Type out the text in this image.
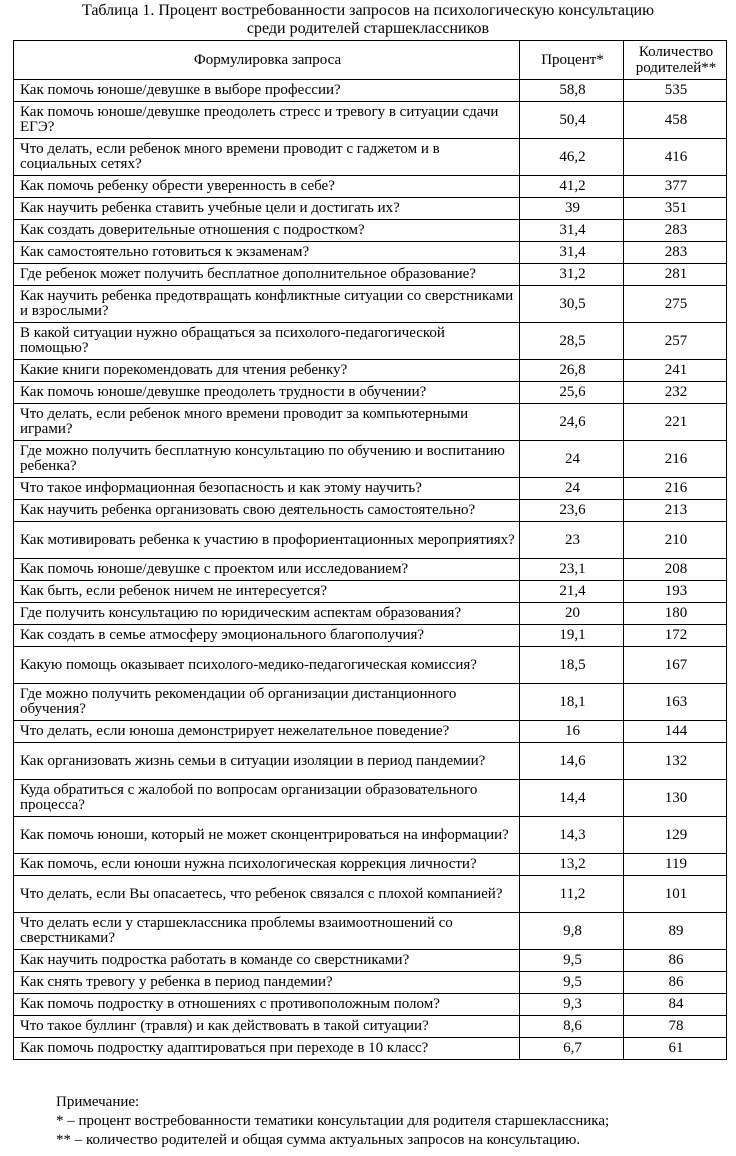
Таблица 1. Процент востребованности запросов на психологическую консультацию
среди родителей старшеклассников
Формулировка запроса	Процент*	Количество
родителей**
Как помочь юноше/девушке в выборе профессии?	58,8	535
Как помочь юноше/девушке преодолеть стресс и тревогу в ситуации сдачи ЕГЭ?	50,4	458
Что делать, если ребенок много времени проводит с гаджетом и в социальных сетях?	46,2	416
Как помочь ребенку обрести уверенность в себе?	41,2	377
Как научить ребенка ставить учебные цели и достигать их?	39	351
Как создать доверительные отношения с подростком?	31,4	283
Как самостоятельно готовиться к экзаменам?	31,4	283
Где ребенок может получить бесплатное дополнительное образование?	31,2	281
Как научить ребенка предотвращать конфликтные ситуации со сверстниками и взрослыми?	30,5	275
В какой ситуации нужно обращаться за психолого-педагогической помощью?	28,5	257
Какие книги порекомендовать для чтения ребенку?	26,8	241
Как помочь юноше/девушке преодолеть трудности в обучении?	25,6	232
Что делать, если ребенок много времени проводит за компьютерными играми?	24,6	221
Где можно получить бесплатную консультацию по обучению и воспитанию ребенка?	24	216
Что такое информационная безопасность и как этому научить?	24	216
Как научить ребенка организовать свою деятельность самостоятельно?	23,6	213
Как мотивировать ребенка к участию в профориентационных мероприятиях?	23	210
Как помочь юноше/девушке с проектом или исследованием?	23,1	208
Как быть, если ребенок ничем не интересуется?	21,4	193
Где получить консультацию по юридическим аспектам образования?	20	180
Как создать в семье атмосферу эмоционального благополучия?	19,1	172
Какую помощь оказывает психолого-медико-педагогическая комиссия?	18,5	167
Где можно получить рекомендации об организации дистанционного обучения?	18,1	163
Что делать, если юноша демонстрирует нежелательное поведение?	16	144
Как организовать жизнь семьи в ситуации изоляции в период пандемии?	14,6	132
Куда обратиться с жалобой по вопросам организации образовательного процесса?	14,4	130
Как помочь юноши, который не может сконцентрироваться на информации?	14,3	129
Как помочь, если юноши нужна психологическая коррекция личности?	13,2	119
Что делать, если Вы опасаетесь, что ребенок связался с плохой компанией?	11,2	101
Что делать если у старшеклассника проблемы взаимоотношений со сверстниками?	9,8	89
Как научить подростка работать в команде со сверстниками?	9,5	86
Как снять тревогу у ребенка в период пандемии?	9,5	86
Как помочь подростку в отношениях с противоположным полом?	9,3	84
Что такое буллинг (травля) и как действовать в такой ситуации?	8,6	78
Как помочь подростку адаптироваться при переходе в 10 класс?	6,7	61
Примечание:
* – процент востребованности тематики консультации для родителя старшеклассника;
** – количество родителей и общая сумма актуальных запросов на консультацию.
